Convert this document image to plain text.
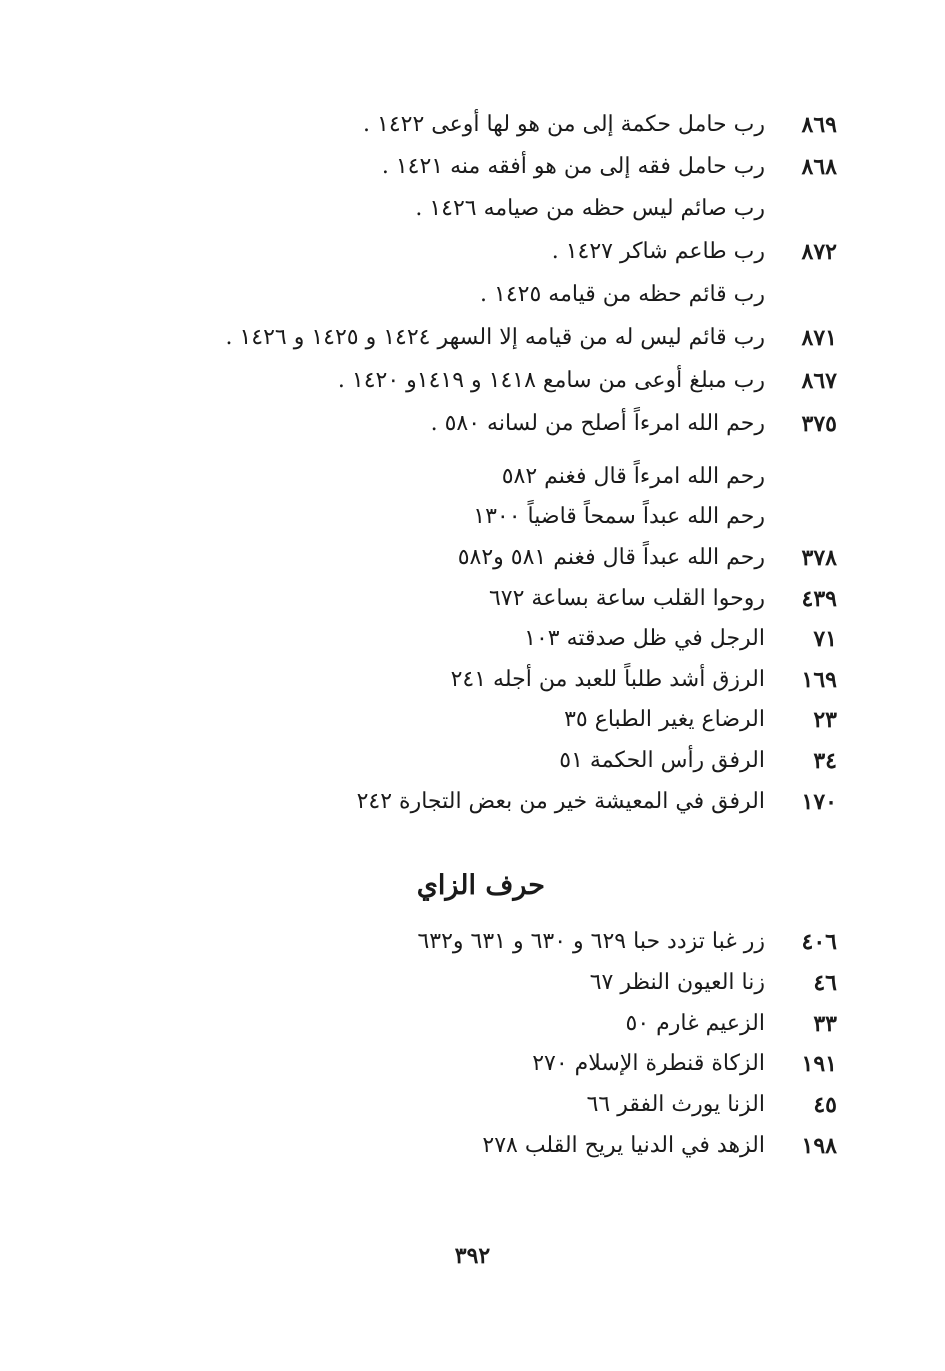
٨٦٩
رب حامل حكمة إلى من هو لها أوعى ١٤٢٢ .
٨٦٨
رب حامل فقه إلى من هو أفقه منه ١٤٢١ .
رب صائم ليس حظه من صيامه ١٤٢٦ .
٨٧٢
رب طاعم شاكر ١٤٢٧ .
رب قائم حظه من قيامه ١٤٢٥ .
٨٧١
رب قائم ليس له من قيامه إلا السهر ١٤٢٤ و ١٤٢٥ و ١٤٢٦ .
٨٦٧
رب مبلغ أوعى من سامع ١٤١٨ و ١٤١٩و ١٤٢٠ .
٣٧٥
رحم الله امرءاً أصلح من لسانه ٥٨٠ .
رحم الله امرءاً قال فغنم ٥٨٢
رحم الله عبداً سمحاً قاضياً ١٣٠٠
٣٧٨
رحم الله عبداً قال فغنم ٥٨١ و٥٨٢
٤٣٩
روحوا القلب ساعة بساعة ٦٧٢
٧١
الرجل في ظل صدقته ١٠٣
١٦٩
الرزق أشد طلباً للعبد من أجله ٢٤١
٢٣
الرضاع يغير الطباع ٣٥
٣٤
الرفق رأس الحكمة ٥١
١٧٠
الرفق في المعيشة خير من بعض التجارة ٢٤٢
حرف الزاي
٤٠٦
زر غبا تزدد حبا ٦٢٩ و ٦٣٠ و ٦٣١ و٦٣٢
٤٦
زنا العيون النظر ٦٧
٣٣
الزعيم غارم ٥٠
١٩١
الزكاة قنطرة الإسلام ٢٧٠
٤٥
الزنا يورث الفقر ٦٦
١٩٨
الزهد في الدنيا يريح القلب ٢٧٨
٣٩٢
